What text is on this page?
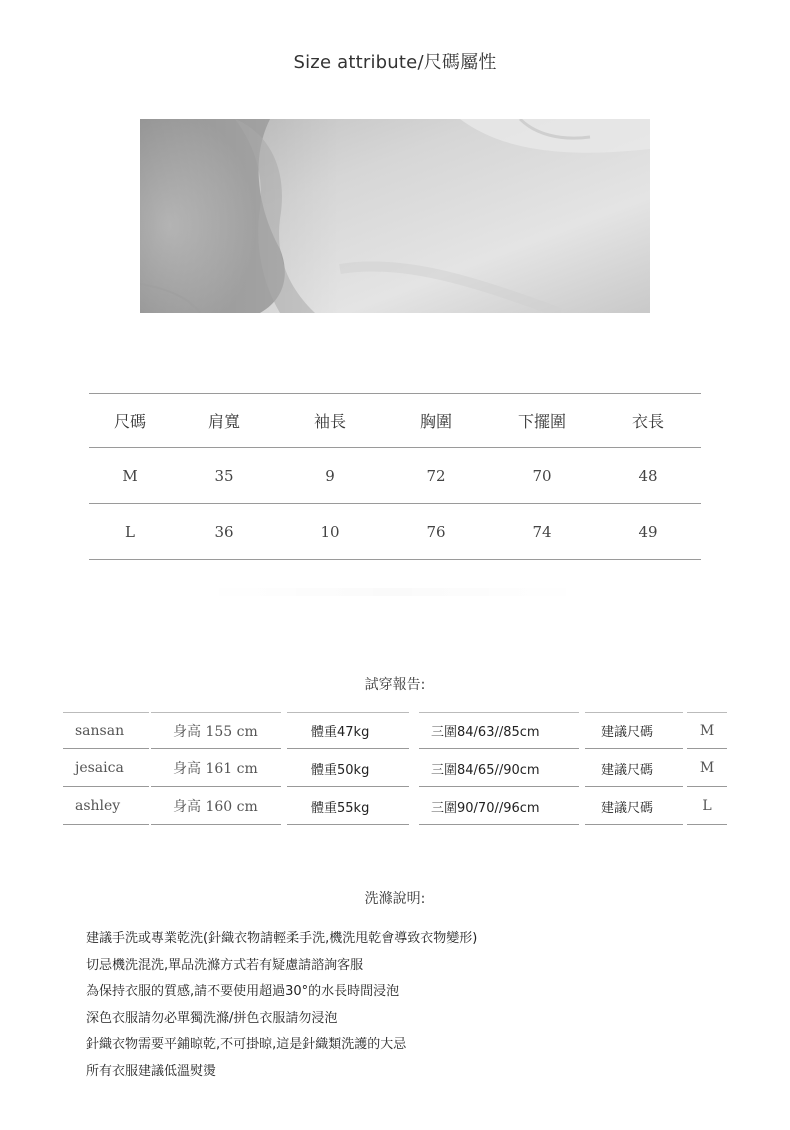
Size attribute/尺碼屬性
尺碼	肩寬	袖長	胸圍	下擺圍	衣長
M	35	9	72	70	48
L	36	10	76	74	49
試穿報告:
sansan	身高 155 cm	體重47kg	三圍84/63//85cm	建議尺碼	M
jesaica	身高 161 cm	體重50kg	三圍84/65//90cm	建議尺碼	M
ashley	身高 160 cm	體重55kg	三圍90/70//96cm	建議尺碼	L
洗滌說明:
建議手洗或專業乾洗(針織衣物請輕柔手洗,機洗甩乾會導致衣物變形)
切忌機洗混洗,單品洗滌方式若有疑慮請諮詢客服
為保持衣服的質感,請不要使用超過30°的水長時間浸泡
深色衣服請勿必單獨洗滌/拼色衣服請勿浸泡
針織衣物需要平鋪晾乾,不可掛晾,這是針織類洗護的大忌
所有衣服建議低溫熨燙
